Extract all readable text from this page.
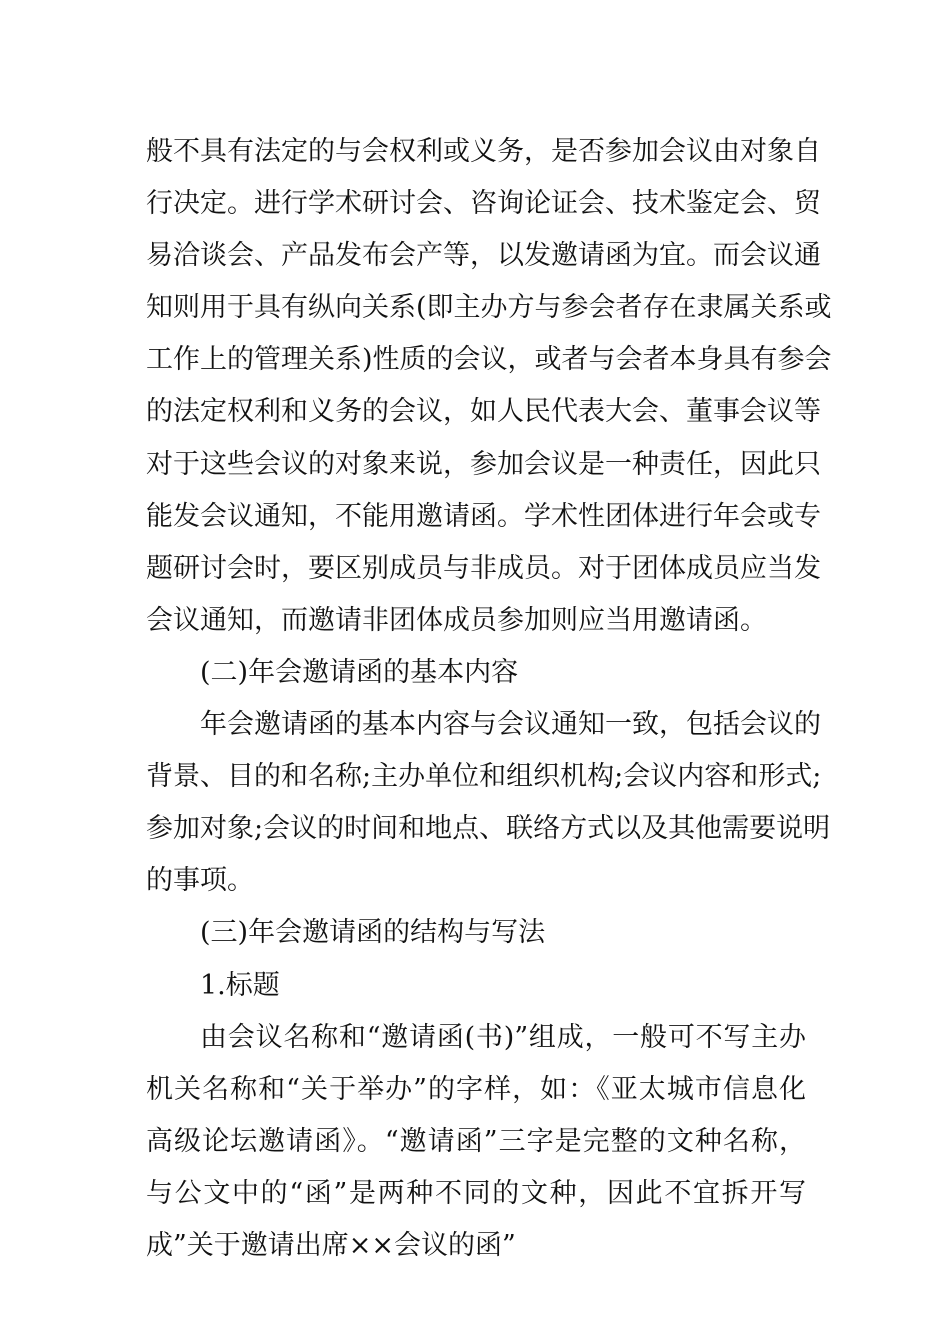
般不具有法定的与会权利或义务，是否参加会议由对象自
行决定。进行学术研讨会、咨询论证会、技术鉴定会、贸
易洽谈会、产品发布会产等，以发邀请函为宜。而会议通
知则用于具有纵向关系(即主办方与参会者存在隶属关系或
工作上的管理关系)性质的会议，或者与会者本身具有参会
的法定权利和义务的会议，如人民代表大会、董事会议等
对于这些会议的对象来说，参加会议是一种责任，因此只
能发会议通知，不能用邀请函。学术性团体进行年会或专
题研讨会时，要区别成员与非成员。对于团体成员应当发
会议通知，而邀请非团体成员参加则应当用邀请函。
(二)年会邀请函的基本内容
年会邀请函的基本内容与会议通知一致，包括会议的
背景、目的和名称;主办单位和组织机构;会议内容和形式;
参加对象;会议的时间和地点、联络方式以及其他需要说明
的事项。
(三)年会邀请函的结构与写法
1.标题
由会议名称和“邀请函(书)”组成，一般可不写主办
机关名称和“关于举办”的字样，如：《亚太城市信息化
高级论坛邀请函》。“邀请函”三字是完整的文种名称，
与公文中的“函”是两种不同的文种，因此不宜拆开写
成”关于邀请出席××会议的函”
